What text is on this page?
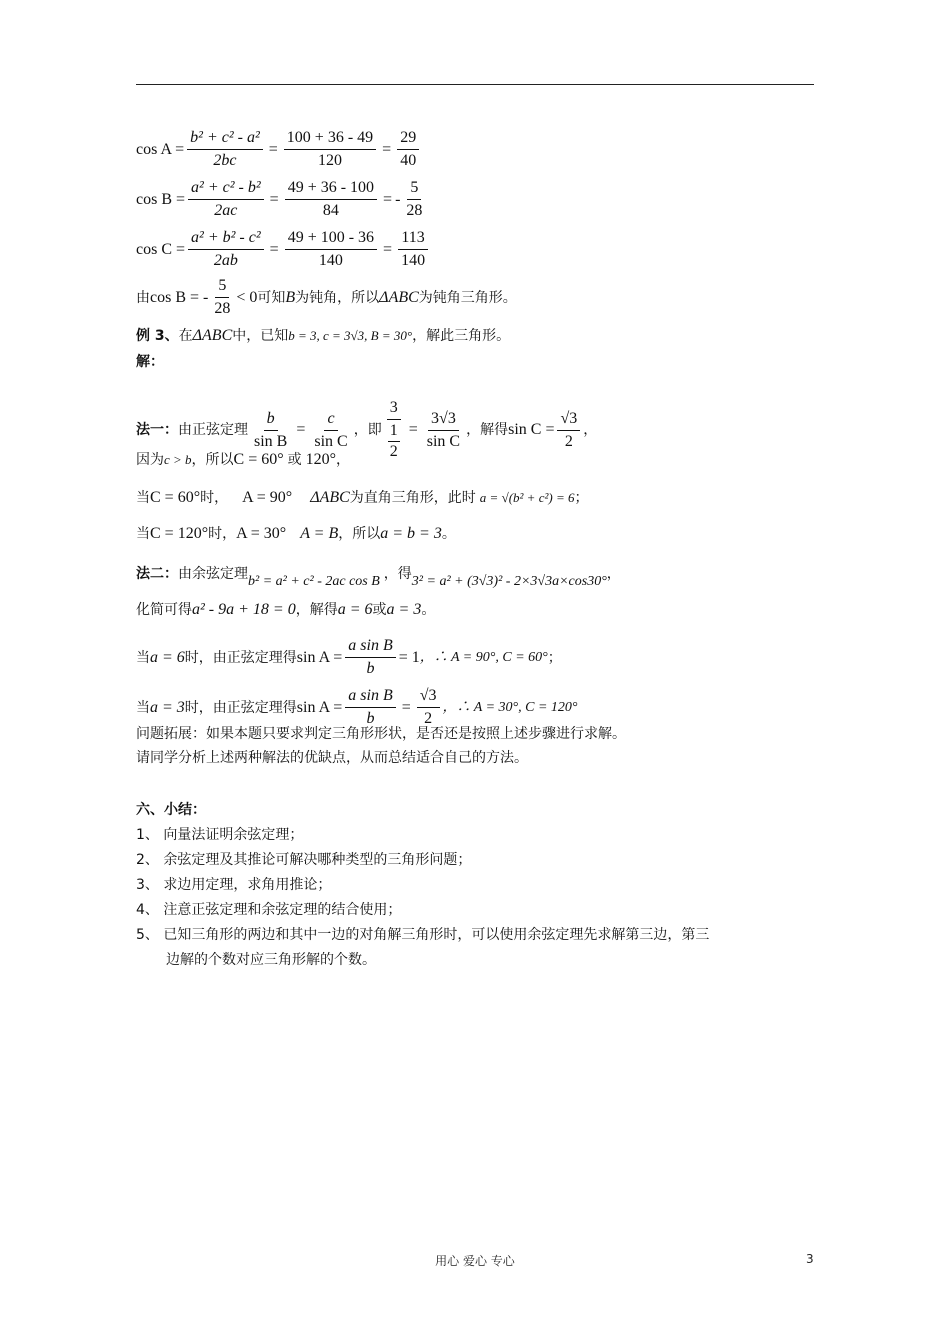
$\cos A = \frac{\text{b² + c² - a²}}{2bc} = \frac{100 + 36 - 49}{120} = \frac{29}{40}$
$\cos B = \frac{\text{a² + c² - b²}}{2ac} = \frac{49 + 36 - 100}{84}$ = - $\frac{5}{28}$
$\cos C = \frac{\text{a² + b² - c²}}{2ab} = \frac{49 + 100 - 36}{140} = \frac{113}{140}$
由 cos B = - $\frac{5}{28} < 0$ 可知 B 为钝角，所以 ΔABC 为钝角三角形。
例 3、 在 ΔABC 中，已知 b = 3, c = 3√3, B = 30° ，解此三角形。
解：
法一： 由正弦定理 $\frac{b}{\text{sin B}} = \frac{c}{\text{sin C}}$ ，即 $\frac{3}{\frac{1}{2}} = \frac{3√3}{\text{sin C}}$ ，解得 $\sin C = \frac{√3}{2}$ ，
因为 c > b ，所以 C = 60° 或 120° ，
当 C = 60° 时， A = 90° ΔABC 为直角三角形，此时 a = √(b² + c²) = 6 ；
当 C = 120° 时， A = 30° A = B ，所以 a = b = 3 。
法二： 由余弦定理 b² = a² + c² - 2ac cos B ，得 3² = a² + (3√3)² - 2×3√3a×cos30° ，
化简可得 a² - 9a + 18 = 0 ，解得 a = 6 或 a = 3 。
当 a = 6 时，由正弦定理得 $\sin A = \frac{\text{a sin B}}{b} = 1$ ，∴ A = 90°, C = 60° ；
当 a = 3 时，由正弦定理得 $\sin A = \frac{\text{a sin B}}{b} = \frac{√3}{2}$ ，∴ A = 30°, C = 120°
问题拓展：如果本题只要求判定三角形形状，是否还是按照上述步骤进行求解。
请同学分析上述两种解法的优缺点，从而总结适合自己的方法。
六、小结：
1、 向量法证明余弦定理；
2、 余弦定理及其推论可解决哪种类型的三角形问题；
3、 求边用定理，求角用推论；
4、 注意正弦定理和余弦定理的结合使用；
5、 已知三角形的两边和其中一边的对角解三角形时，可以使用余弦定理先求解第三边，第三
边解的个数对应三角形解的个数。
用心 爱心 专心	3
